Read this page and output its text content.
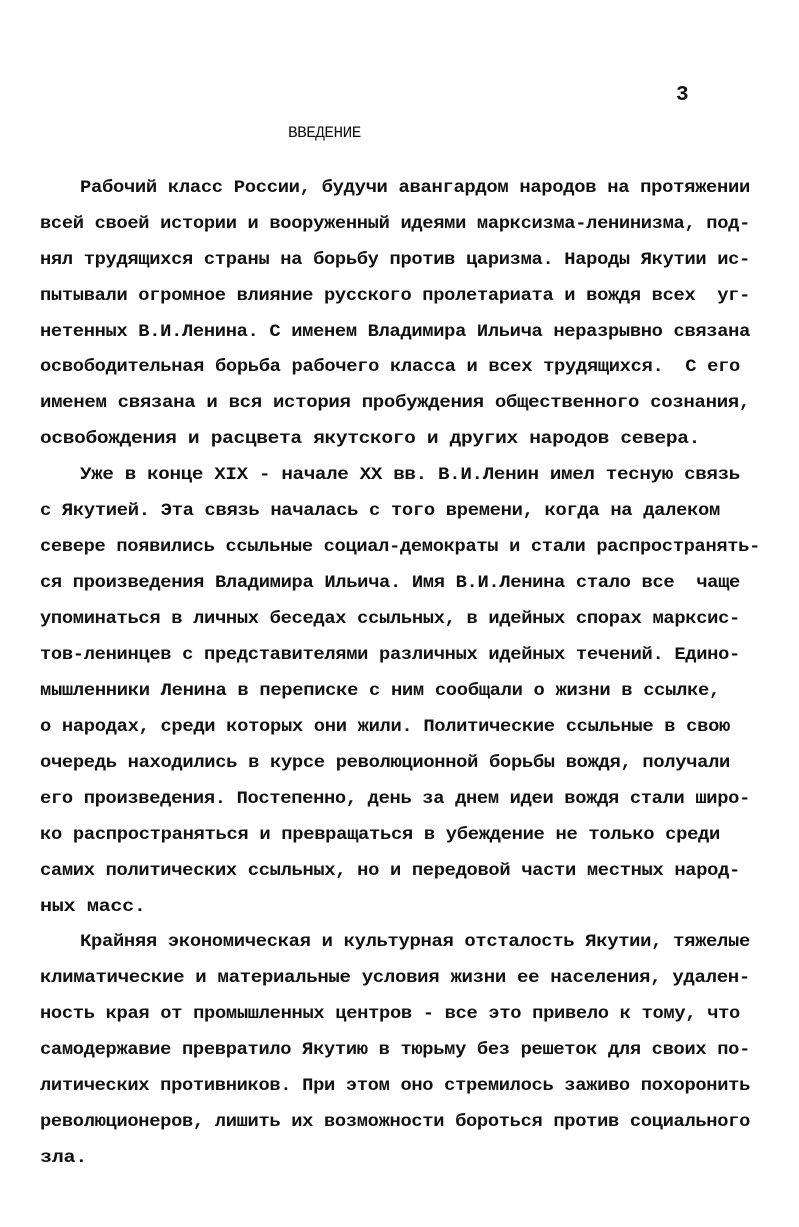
3
ВВЕДЕНИЕ
Рабочий класс России, будучи авангардом народов на протяжении
всей своей истории и вооруженный идеями марксизма-ленинизма, под-
нял трудящихся страны на борьбу против царизма. Народы Якутии ис-
пытывали огромное влияние русского пролетариата и вождя всех  уг-
нетенных В.И.Ленина. С именем Владимира Ильича неразрывно связана
освободительная борьба рабочего класса и всех трудящихся.  С его
именем связана и вся история пробуждения общественного сознания,
освобождения и расцвета якутского и других народов севера.
Уже в конце XIX - начале XX вв. В.И.Ленин имел тесную связь
с Якутией. Эта связь началась с того времени, когда на далеком
севере появились ссыльные социал-демократы и стали распространять-
ся произведения Владимира Ильича. Имя В.И.Ленина стало все  чаще
упоминаться в личных беседах ссыльных, в идейных спорах марксис-
тов-ленинцев с представителями различных идейных течений. Едино-
мышленники Ленина в переписке с ним сообщали о жизни в ссылке,
о народах, среди которых они жили. Политические ссыльные в свою
очередь находились в курсе революционной борьбы вождя, получали
его произведения. Постепенно, день за днем идеи вождя стали широ-
ко распространяться и превращаться в убеждение не только среди
самих политических ссыльных, но и передовой части местных народ-
ных масс.
Крайняя экономическая и культурная отсталость Якутии, тяжелые
климатические и материальные условия жизни ее населения, удален-
ность края от промышленных центров - все это привело к тому, что
самодержавие превратило Якутию в тюрьму без решеток для своих по-
литических противников. При этом оно стремилось заживо похоронить
революционеров, лишить их возможности бороться против социального
зла.
